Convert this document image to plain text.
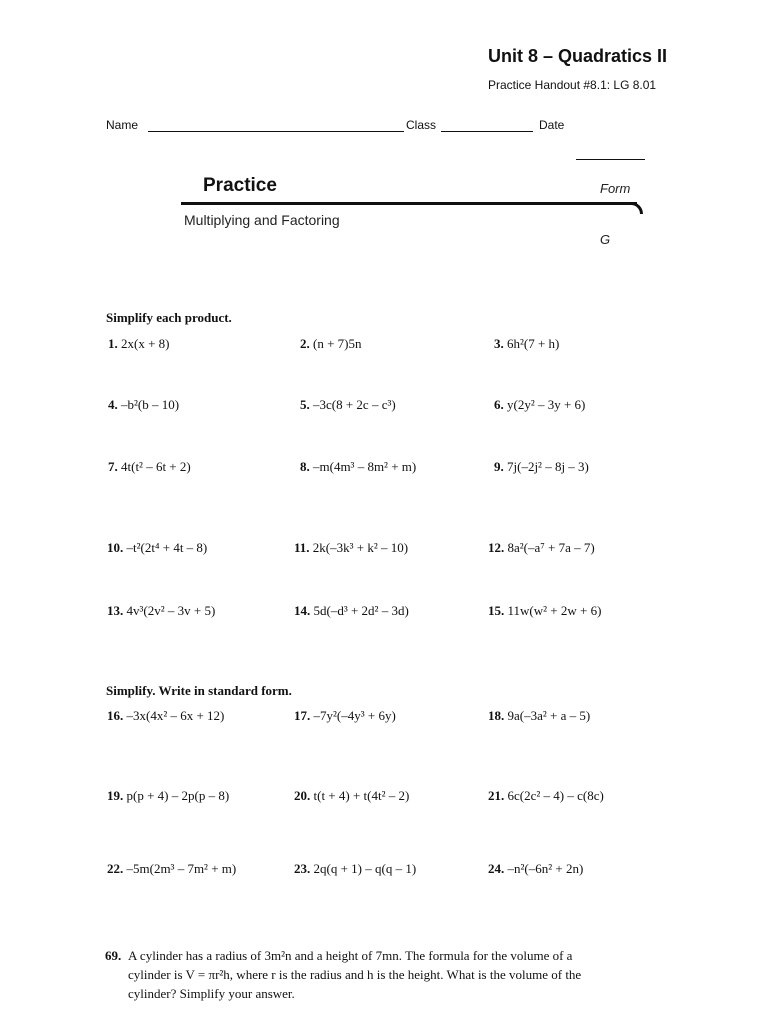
Unit 8 – Quadratics II
Practice Handout #8.1: LG 8.01
Name	Class	Date
Practice	Form
Multiplying and Factoring
G
Simplify each product.
1. 2x(x + 8)	2. (n + 7)5n	3. 6h²(7 + h)
4. –b²(b – 10)	5. –3c(8 + 2c – c³)	6. y(2y² – 3y + 6)
7. 4t(t² – 6t + 2)	8. –m(4m³ – 8m² + m)	9. 7j(–2j² – 8j – 3)
10. –t²(2t⁴ + 4t – 8)	11. 2k(–3k³ + k² – 10)	12. 8a²(–a⁷ + 7a – 7)
13. 4v³(2v² – 3v + 5)	14. 5d(–d³ + 2d² – 3d)	15. 11w(w² + 2w + 6)
Simplify. Write in standard form.
16. –3x(4x² – 6x + 12)	17. –7y²(–4y³ + 6y)	18. 9a(–3a² + a – 5)
19. p(p + 4) – 2p(p – 8)	20. t(t + 4) + t(4t² – 2)	21. 6c(2c² – 4) – c(8c)
22. –5m(2m³ – 7m² + m)	23. 2q(q + 1) – q(q – 1)	24. –n²(–6n² + 2n)
69. A cylinder has a radius of 3m²n and a height of 7mn. The formula for the volume of a
cylinder is V = πr²h, where r is the radius and h is the height. What is the volume of the
cylinder? Simplify your answer.
